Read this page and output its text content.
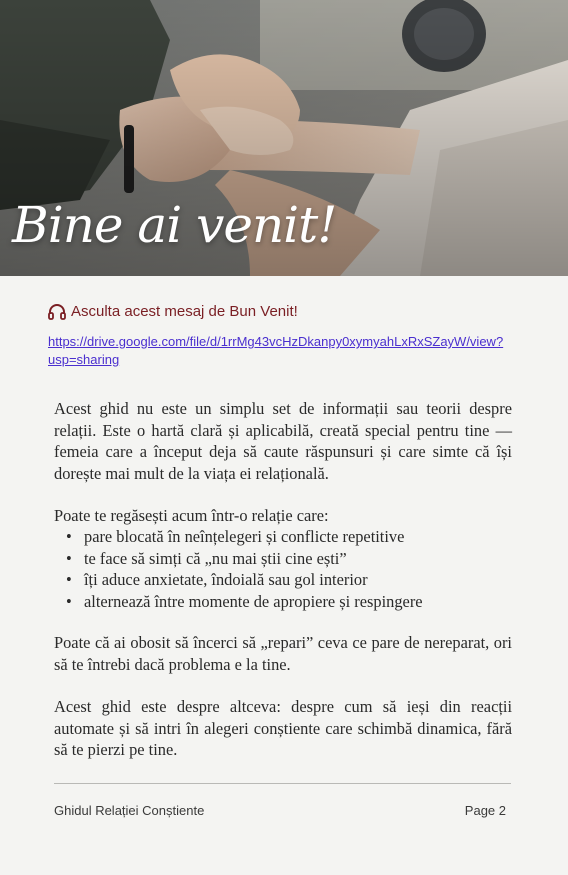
Bine ai venit!
Asculta acest mesaj de Bun Venit!
https://drive.google.com/file/d/1rrMg43vcHzDkanpy0xymyahLxRxSZayW/view?usp=sharing
Acest ghid nu este un simplu set de informații sau teorii despre relații. Este o hartă clară și aplicabilă, creată special pentru tine — femeia care a început deja să caute răspunsuri și care simte că își dorește mai mult de la viața ei relațională.
Poate te regăsești acum într-o relație care:
• pare blocată în neînțelegeri și conflicte repetitive
• te face să simți că „nu mai știi cine ești”
• îți aduce anxietate, îndoială sau gol interior
• alternează între momente de apropiere și respingere
Poate că ai obosit să încerci să „repari” ceva ce pare de nereparat, ori să te întrebi dacă problema e la tine.
Acest ghid este despre altceva: despre cum să ieși din reacții automate și să intri în alegeri conștiente care schimbă dinamica, fără să te pierzi pe tine.
Ghidul Relației Conștiente	Page 2
